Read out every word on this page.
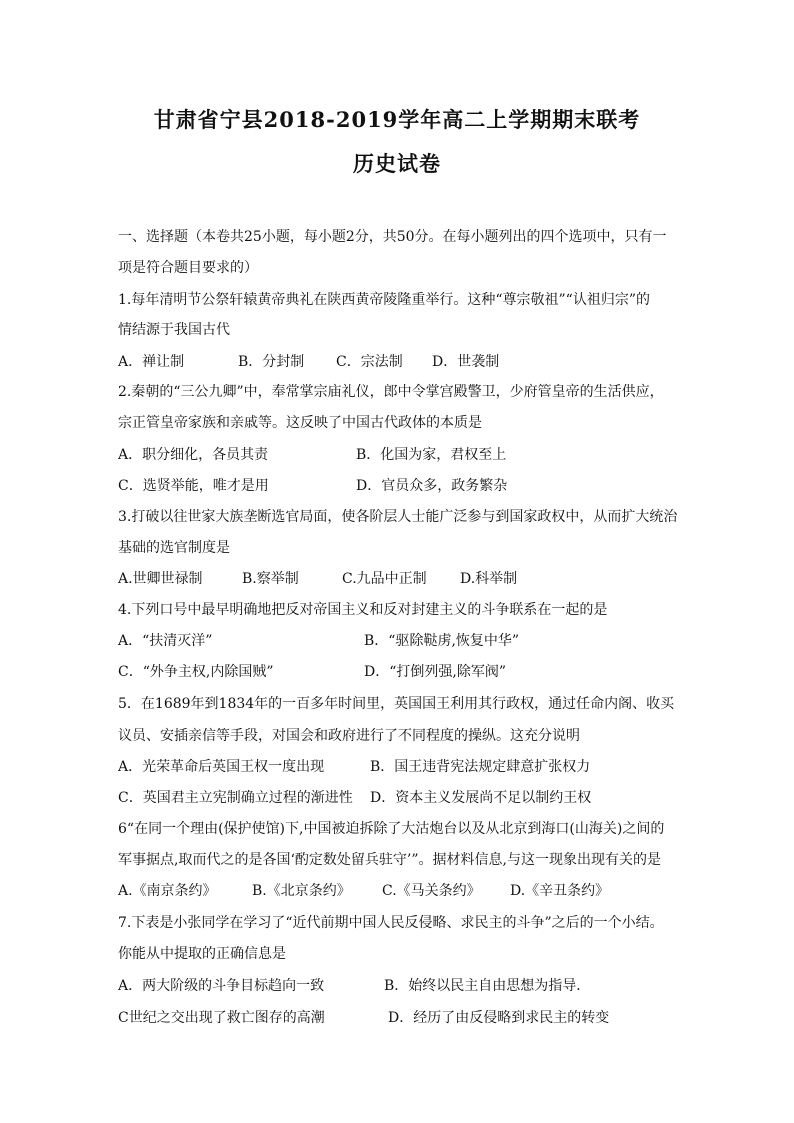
甘肃省宁县2018-2019学年高二上学期期末联考
历史试卷
一、选择题（本卷共25小题，每小题2分，共50分。在每小题列出的四个选项中，只有一
项是符合题目要求的）
1.每年清明节公祭轩辕黄帝典礼在陕西黄帝陵隆重举行。这种“尊宗敬祖”“认祖归宗”的
情结源于我国古代
A．禅让制	B．分封制 C．宗法制 D．世袭制
2.秦朝的“三公九卿”中，奉常掌宗庙礼仪，郎中令掌宫殿警卫，少府管皇帝的生活供应，
宗正管皇帝家族和亲戚等。这反映了中国古代政体的本质是
A．职分细化，各员其责	B．化国为家，君权至上
C．选贤举能，唯才是用	D．官员众多，政务繁杂
3.打破以往世家大族垄断选官局面，使各阶层人士能广泛参与到国家政权中，从而扩大统治
基础的选官制度是
A.世卿世禄制	B.察举制	C.九品中正制 D.科举制
4.下列口号中最早明确地把反对帝国主义和反对封建主义的斗争联系在一起的是
A．“扶清灭洋”	B．“驱除鞑虏,恢复中华”
C．“外争主权,内除国贼”	D．“打倒列强,除军阀”
5．在1689年到1834年的一百多年时间里，英国国王利用其行政权，通过任命内阁、收买
议员、安插亲信等手段，对国会和政府进行了不同程度的操纵。这充分说明
A．光荣革命后英国王权一度出现	B．国王违背宪法规定肆意扩张权力
C．英国君主立宪制确立过程的渐进性 D．资本主义发展尚不足以制约王权
6“在同一个理由(保护使馆)下,中国被迫拆除了大沽炮台以及从北京到海口(山海关)之间的
军事据点,取而代之的是各国‘酌定数处留兵驻守’”。据材料信息,与这一现象出现有关的是
A.《南京条约》	B.《北京条约》 C.《马关条约》 D.《辛丑条约》
7.下表是小张同学在学习了“近代前期中国人民反侵略、求民主的斗争”之后的一个小结。
你能从中提取的正确信息是
A．两大阶级的斗争目标趋向一致	B．始终以民主自由思想为指导．
C世纪之交出现了救亡图存的高潮	D．经历了由反侵略到求民主的转变
